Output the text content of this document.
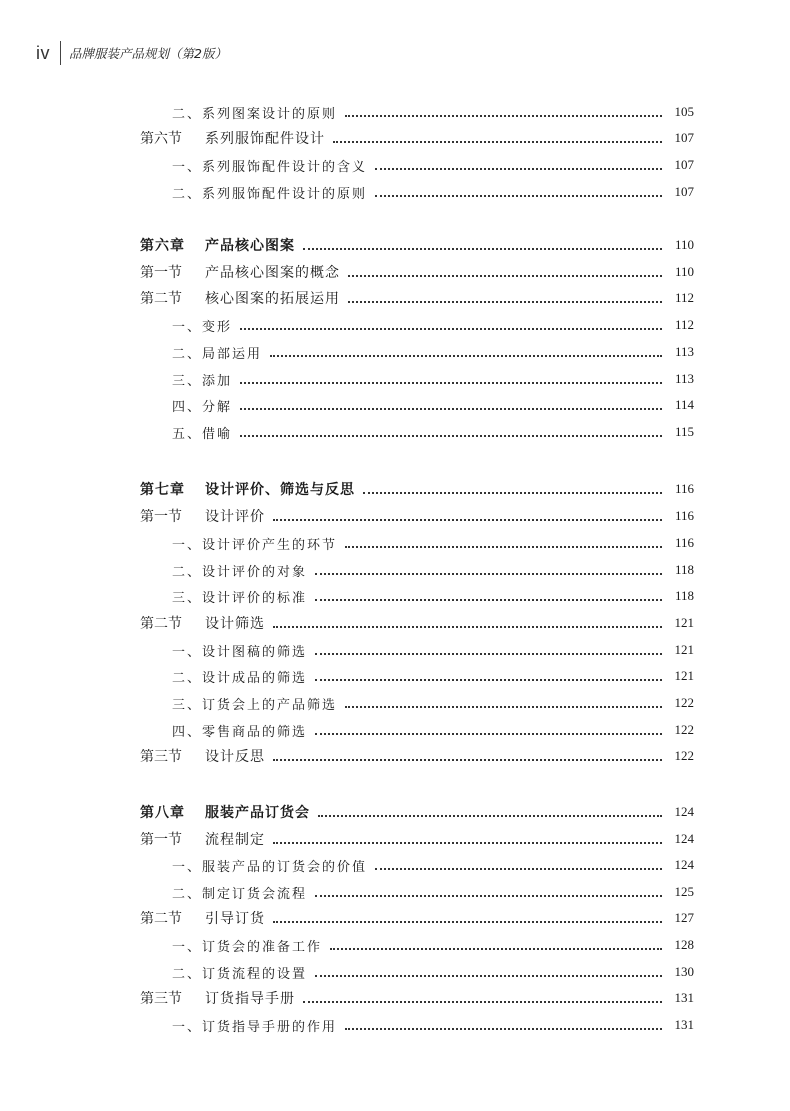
iv 品牌服装产品规划（第2版）
二、系列图案设计的原则	105
第六节 系列服饰配件设计	107
一、系列服饰配件设计的含义	107
二、系列服饰配件设计的原则	107
第六章 产品核心图案	110
第一节 产品核心图案的概念	110
第二节 核心图案的拓展运用	112
一、变形	112
二、局部运用	113
三、添加	113
四、分解	114
五、借喻	115
第七章 设计评价、筛选与反思	116
第一节 设计评价	116
一、设计评价产生的环节	116
二、设计评价的对象	118
三、设计评价的标准	118
第二节 设计筛选	121
一、设计图稿的筛选	121
二、设计成品的筛选	121
三、订货会上的产品筛选	122
四、零售商品的筛选	122
第三节 设计反思	122
第八章 服装产品订货会	124
第一节 流程制定	124
一、服装产品的订货会的价值	124
二、制定订货会流程	125
第二节 引导订货	127
一、订货会的准备工作	128
二、订货流程的设置	130
第三节 订货指导手册	131
一、订货指导手册的作用	131
